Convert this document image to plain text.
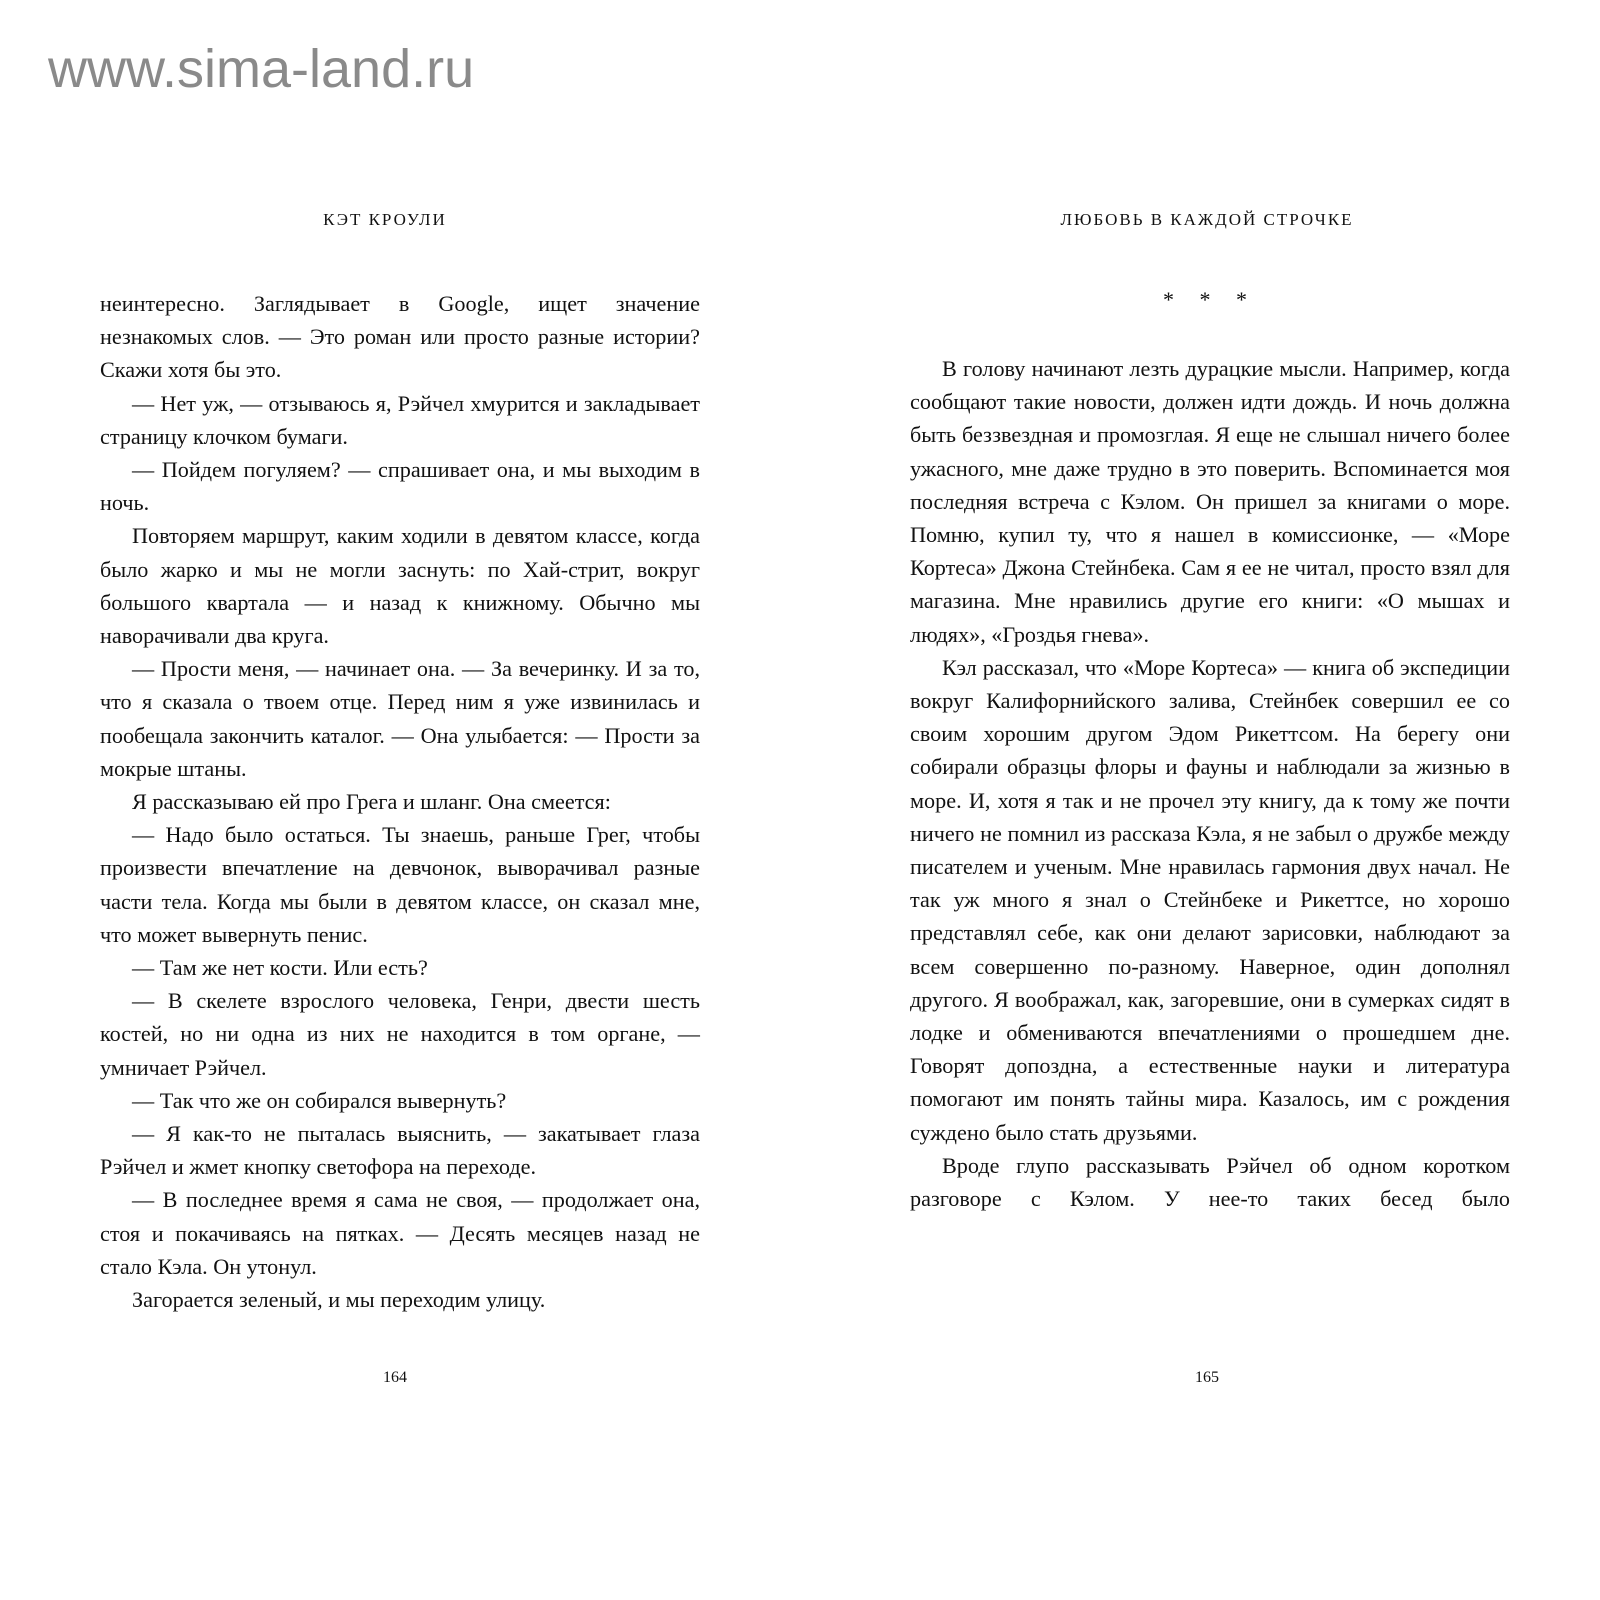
www.sima-land.ru
КЭТ КРОУЛИ

неинтересно. Заглядывает в Google, ищет значение незнакомых слов. — Это роман или просто разные истории? Скажи хотя бы это.

— Нет уж, — отзываюсь я, Рэйчел хмурится и закладывает страницу клочком бумаги.

— Пойдем погуляем? — спрашивает она, и мы выходим в ночь.

Повторяем маршрут, каким ходили в девятом классе, когда было жарко и мы не могли заснуть: по Хай-стрит, вокруг большого квартала — и назад к книжному. Обычно мы наворачивали два круга.

— Прости меня, — начинает она. — За вечеринку. И за то, что я сказала о твоем отце. Перед ним я уже извинилась и пообещала закончить каталог. — Она улыбается: — Прости за мокрые штаны.

Я рассказываю ей про Грега и шланг. Она смеется:

— Надо было остаться. Ты знаешь, раньше Грег, чтобы произвести впечатление на девчонок, выворачивал разные части тела. Когда мы были в девятом классе, он сказал мне, что может вывернуть пенис.

— Там же нет кости. Или есть?

— В скелете взрослого человека, Генри, двести шесть костей, но ни одна из них не находится в том органе, — умничает Рэйчел.

— Так что же он собирался вывернуть?

— Я как-то не пыталась выяснить, — закатывает глаза Рэйчел и жмет кнопку светофора на переходе.

— В последнее время я сама не своя, — продолжает она, стоя и покачиваясь на пятках. — Десять месяцев назад не стало Кэла. Он утонул.

Загорается зеленый, и мы переходим улицу.

164
ЛЮБОВЬ В КАЖДОЙ СТРОЧКЕ
* * *

В голову начинают лезть дурацкие мысли. Например, когда сообщают такие новости, должен идти дождь. И ночь должна быть беззвездная и промозглая. Я еще не слышал ничего более ужасного, мне даже трудно в это поверить. Вспоминается моя последняя встреча с Кэлом. Он пришел за книгами о море. Помню, купил ту, что я нашел в комиссионке, — «Море Кортеса» Джона Стейнбека. Сам я ее не читал, просто взял для магазина. Мне нравились другие его книги: «О мышах и людях», «Гроздья гнева».

Кэл рассказал, что «Море Кортеса» — книга об экспедиции вокруг Калифорнийского залива, Стейнбек совершил ее со своим хорошим другом Эдом Рикеттсом. На берегу они собирали образцы флоры и фауны и наблюдали за жизнью в море. И, хотя я так и не прочел эту книгу, да к тому же почти ничего не помнил из рассказа Кэла, я не забыл о дружбе между писателем и ученым. Мне нравилась гармония двух начал. Не так уж много я знал о Стейнбеке и Рикеттсе, но хорошо представлял себе, как они делают зарисовки, наблюдают за всем совершенно по-разному. Наверное, один дополнял другого. Я воображал, как, загоревшие, они в сумерках сидят в лодке и обмениваются впечатлениями о прошедшем дне. Говорят допоздна, а естественные науки и литература помогают им понять тайны мира. Казалось, им с рождения суждено было стать друзьями.

Вроде глупо рассказывать Рэйчел об одном коротком разговоре с Кэлом. У нее-то таких бесед было

165
